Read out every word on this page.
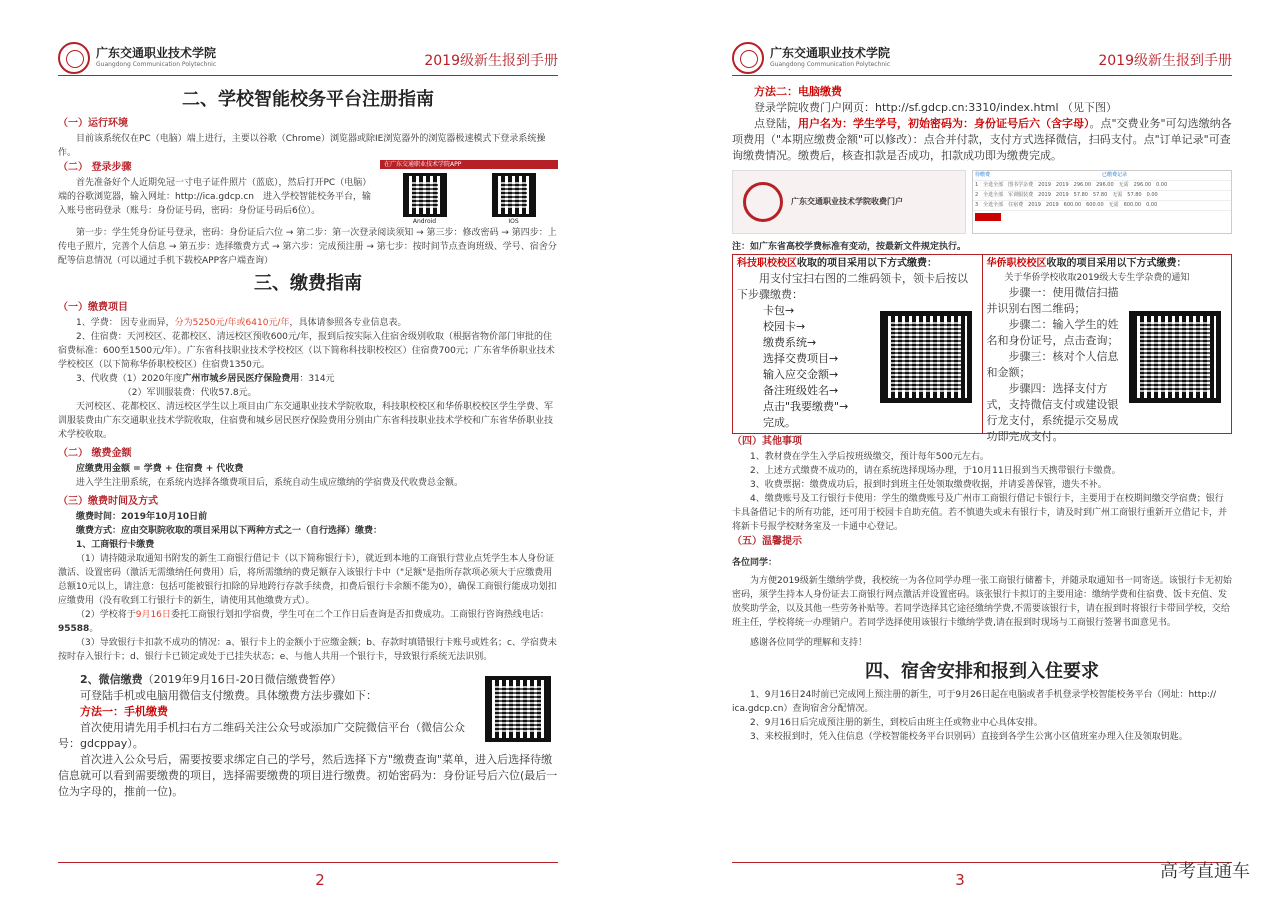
广东交通职业技术学院
Guangdong Communication Polytechnic	2019级新生报到手册
二、学校智能校务平台注册指南
（一）运行环境

目前该系统仅在PC（电脑）端上进行，主要以谷歌（Chrome）浏览器或除IE浏览器外的浏览器极速模式下登录系统操作。

（二） 登录步骤

首先准备好个人近期免冠一寸电子证件照片（蓝底），然后打开PC（电脑）端的谷歌浏览器，输入网址：http://ica.gdcp.cn　进入学校智能校务平台，输入账号密码登录（账号：身份证号码，密码：身份证号码后6位）。

在广东交通职业技术学院APP
Android	IOS

第一步：学生凭身份证号登录，密码：身份证后六位 → 第二步：第一次登录阅读须知 → 第三步：修改密码 → 第四步：上传电子照片，完善个人信息 → 第五步：选择缴费方式 → 第六步：完成预注册 → 第七步：按时间节点查询班级、学号、宿舍分配等信息情况（可以通过手机下载校APP客户端查询）

三、缴费指南
（一）缴费项目

1、学费： 因专业而异，分为5250元/年或6410元/年，具体请参照各专业信息表。

2、住宿费：天河校区、花都校区、清远校区预收600元/年，报到后按实际入住宿舍级别收取（根据省物价部门审批的住宿费标准：600至1500元/年）。广东省科技职业技术学校校区（以下简称科技职校校区）住宿费700元；广东省华侨职业技术学校校区（以下简称华侨职校校区）住宿费1350元。

3、代收费（1）2020年度广州市城乡居民医疗保险费用：314元

（2）军训服装费：代收57.8元。

天河校区、花都校区、清远校区学生以上项目由广东交通职业技术学院收取，科技职校校区和华侨职校校区学生学费、军训服装费由广东交通职业技术学院收取，住宿费和城乡居民医疗保险费用分别由广东省科技职业技术学校和广东省华侨职业技术学校收取。

（二） 缴费金额

应缴费用金额 = 学费 + 住宿费 + 代收费

进入学生注册系统，在系统内选择各缴费项目后，系统自动生成应缴纳的学宿费及代收费总金额。

（三）缴费时间及方式

缴费时间：2019年10月10日前

缴费方式：应由交职院收取的项目采用以下两种方式之一（自行选择）缴费：

1、工商银行卡缴费

（1）请持随录取通知书附发的新生工商银行借记卡（以下简称银行卡），就近到本地的工商银行营业点凭学生本人身份证激活、设置密码（激活无需缴纳任何费用）后，将所需缴纳的费足额存入该银行卡中（"足额"是指所存款项必须大于应缴费用总额10元以上，请注意：包括可能被银行扣除的异地跨行存款手续费，扣费后银行卡余额不能为0），确保工商银行能成功划扣应缴费用（没有收到工行银行卡的新生，请使用其他缴费方式）。

（2）学校将于9月16日委托工商银行划扣学宿费，学生可在二个工作日后查询是否扣费成功。工商银行咨询热线电话：95588。

（3）导致银行卡扣款不成功的情况：a、银行卡上的金额小于应缴金额；b、存款时填错银行卡账号或姓名；c、学宿费未按时存入银行卡；d、银行卡已锁定或处于已挂失状态；e、与他人共用一个银行卡，导致银行系统无法识别。

2、微信缴费（2019年9月16日-20日微信缴费暂停）

可登陆手机或电脑用微信支付缴费。具体缴费方法步骤如下：

方法一：手机缴费

首次使用请先用手机扫右方二维码关注公众号或添加广交院微信平台（微信公众号：gdcppay）。

首次进入公众号后，需要按要求绑定自己的学号，然后选择下方"缴费查询"菜单，进入后选择待缴信息就可以看到需要缴费的项目，选择需要缴费的项目进行缴费。初始密码为：身份证号后六位(最后一位为字母的，推前一位)。

2
广东交通职业技术学院
Guangdong Communication Polytechnic	2019级新生报到手册

方法二：电脑缴费

登录学院收费门户网页：http://sf.gdcp.cn:3310/index.html （见下图）

点登陆，用户名为：学生学号，初始密码为：身份证号后六（含字母）。点"交费业务"可勾选缴纳各项费用（"本期应缴费金额"可以修改）：点合并付款，支付方式选择微信，扫码支付。点"订单记录"可查询缴费情况。缴费后，核查扣款是否成功，扣款成功即为缴费完成。

广东交通职业技术学院收费门户
待缴费	已缴费记录
1　全选全部　图书学杂费　2019　2019　296.00　296.00　无需　296.00　0.00
2　全选全部　军训服装费　2019　2019　57.80　57.80　无需　57.80　0.00
3　全选全部　住宿费　2019　2019　600.00　600.00　无需　600.00　0.00

注：如广东省高校学费标准有变动，按最新文件规定执行。

科技职校校区收取的项目采用以下方式缴费：

用支付宝扫右图的二维码领卡，领卡后按以下步骤缴费：

卡包→
校园卡→
缴费系统→
选择交费项目→
输入应交金额→
备注班级姓名→
点击"我要缴费"→
完成。
华侨职校校区收取的项目采用以下方式缴费：

关于华侨学校收取2019级大专生学杂费的通知

步骤一：使用微信扫描并识别右图二维码；

步骤二：输入学生的姓名和身份证号，点击查询；

步骤三：核对个人信息和金额；

步骤四：选择支付方式，支持微信支付或建设银行龙支付，系统提示交易成功即完成支付。

（四）其他事项

1、教材费在学生入学后按班级缴交，预计每年500元左右。

2、上述方式缴费不成功的，请在系统选择现场办理，于10月11日报到当天携带银行卡缴费。

3、收费票据：缴费成功后，报到时到班主任处领取缴费收据，并请妥善保管，遗失不补。

4、缴费账号及工行银行卡使用：学生的缴费账号及广州市工商银行借记卡银行卡，主要用于在校期间缴交学宿费；银行卡具备借记卡的所有功能，还可用于校园卡自助充值。若不慎遗失或未有银行卡，请及时到广州工商银行重新开立借记卡，并将新卡号报学校财务室及一卡通中心登记。

（五）温馨提示

各位同学：

为方便2019级新生缴纳学费，我校统一为各位同学办理一张工商银行储蓄卡，并随录取通知书一同寄送。该银行卡无初始密码，须学生持本人身份证去工商银行网点激活并设置密码。该张银行卡拟订的主要用途：缴纳学费和住宿费、饭卡充值、发放奖助学金，以及其他一些劳务补贴等。若同学选择其它途径缴纳学费,不需要该银行卡，请在报到时将银行卡带回学校，交给班主任，学校将统一办理销户。若同学选择使用该银行卡缴纳学费,请在报到时现场与工商银行签署书面意见书。

感谢各位同学的理解和支持！

四、宿舍安排和报到入住要求

1、9月16日24时前已完成网上预注册的新生，可于9月26日起在电脑或者手机登录学校智能校务平台（网址：http:// ica.gdcp.cn）查询宿舍分配情况。

2、9月16日后完成预注册的新生，到校后由班主任或物业中心具体安排。

3、来校报到时，凭入住信息（学校智能校务平台识别码）直接到各学生公寓小区值班室办理入住及领取钥匙。

3	高考直通车
